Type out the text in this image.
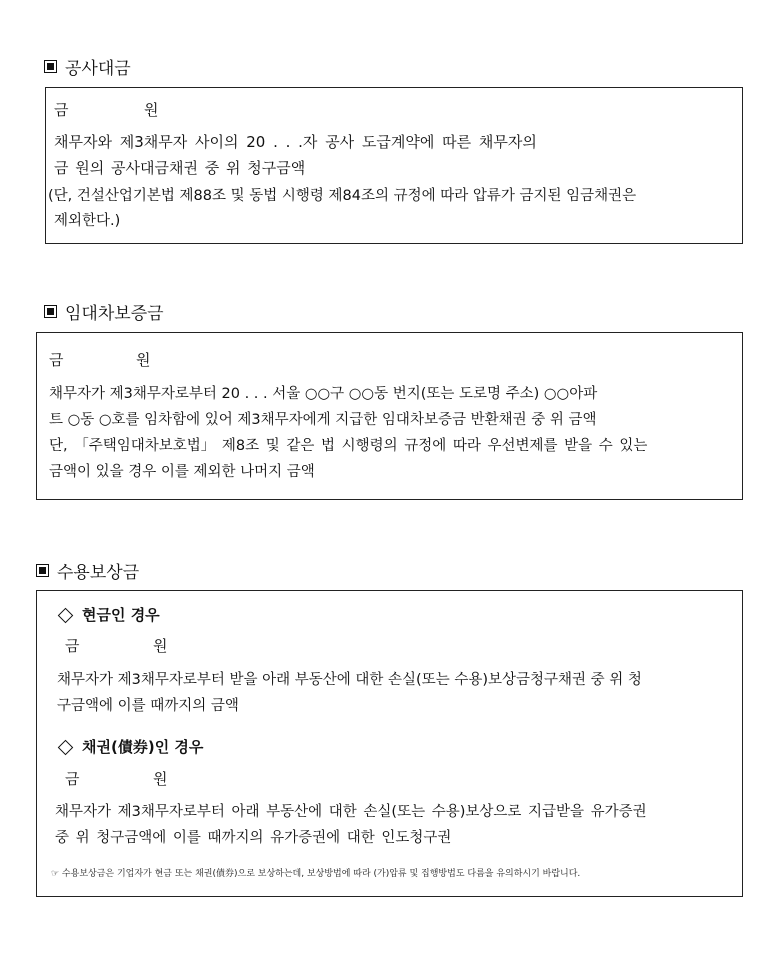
공사대금
금	원
채무자와 제3채무자 사이의 20 . . .자 공사 도급계약에 따른 채무자의
금 원의 공사대금채권 중 위 청구금액
(단, 건설산업기본법 제88조 및 동법 시행령 제84조의 규정에 따라 압류가 금지된 임금채권은
제외한다.)
임대차보증금
금	원
채무자가 제3채무자로부터 20 . . . 서울 ○○구 ○○동 번지(또는 도로명 주소) ○○아파
트 ○동 ○호를 임차함에 있어 제3채무자에게 지급한 임대차보증금 반환채권 중 위 금액
단, 「주택임대차보호법」 제8조 및 같은 법 시행령의 규정에 따라 우선변제를 받을 수 있는
금액이 있을 경우 이를 제외한 나머지 금액
수용보상금
현금인 경우
금	원
채무자가 제3채무자로부터 받을 아래 부동산에 대한 손실(또는 수용)보상금청구채권 중 위 청
구금액에 이를 때까지의 금액
채권(債券)인 경우
금	원
채무자가 제3채무자로부터 아래 부동산에 대한 손실(또는 수용)보상으로 지급받을 유가증권
중 위 청구금액에 이를 때까지의 유가증권에 대한 인도청구권
☞ 수용보상금은 기업자가 현금 또는 채권(債券)으로 보상하는데, 보상방법에 따라 (가)압류 및 집행방법도 다름을 유의하시기 바랍니다.
